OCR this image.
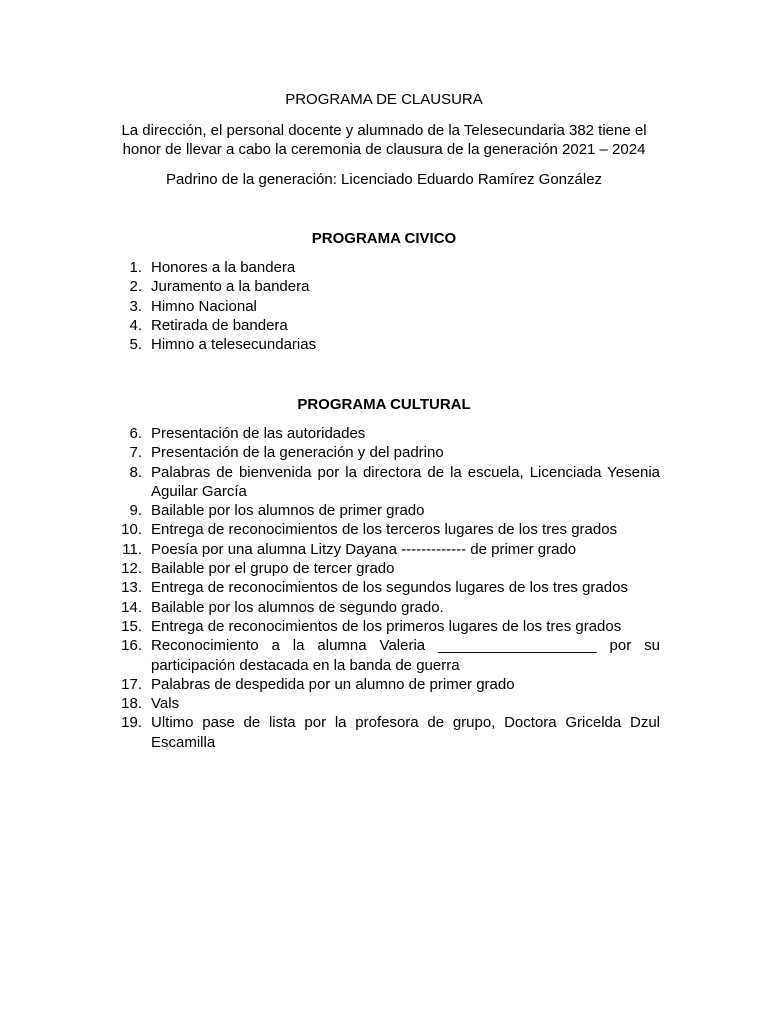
PROGRAMA DE CLAUSURA
La dirección, el personal docente y alumnado de la Telesecundaria 382 tiene el honor de llevar a cabo la ceremonia de clausura de la generación 2021 – 2024
Padrino de la generación: Licenciado Eduardo Ramírez González
PROGRAMA CIVICO
1. Honores a la bandera
2. Juramento a la bandera
3. Himno Nacional
4. Retirada de bandera
5. Himno a telesecundarias
PROGRAMA CULTURAL
6. Presentación de las autoridades
7. Presentación de la generación y del padrino
8. Palabras de bienvenida por la directora de la escuela, Licenciada Yesenia Aguilar García
9. Bailable por los alumnos de primer grado
10. Entrega de reconocimientos de los terceros lugares de los tres grados
11. Poesía por una alumna Litzy Dayana ------------- de primer grado
12. Bailable por el grupo de tercer grado
13. Entrega de reconocimientos de los segundos lugares de los tres grados
14. Bailable por los alumnos de segundo grado.
15. Entrega de reconocimientos de los primeros lugares de los tres grados
16. Reconocimiento a la alumna Valeria ___________________ por su participación destacada en la banda de guerra
17. Palabras de despedida por un alumno de primer grado
18. Vals
19. Ultimo pase de lista por la profesora de grupo, Doctora Gricelda Dzul Escamilla
